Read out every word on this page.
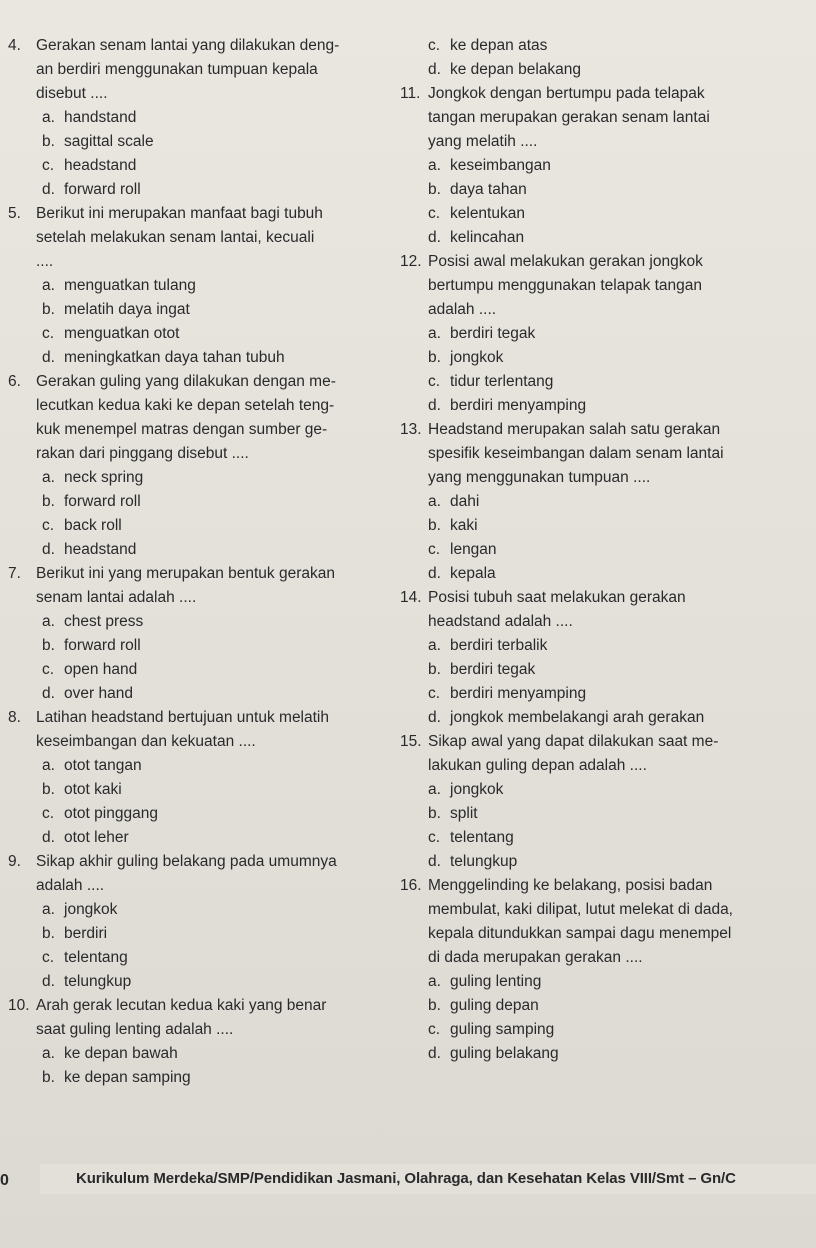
4. Gerakan senam lantai yang dilakukan deng-
an berdiri menggunakan tumpuan kepala
disebut ....
a. handstand
b. sagittal scale
c. headstand
d. forward roll
5. Berikut ini merupakan manfaat bagi tubuh
setelah melakukan senam lantai, kecuali
....
a. menguatkan tulang
b. melatih daya ingat
c. menguatkan otot
d. meningkatkan daya tahan tubuh
6. Gerakan guling yang dilakukan dengan me-
lecutkan kedua kaki ke depan setelah teng-
kuk menempel matras dengan sumber ge-
rakan dari pinggang disebut ....
a. neck spring
b. forward roll
c. back roll
d. headstand
7. Berikut ini yang merupakan bentuk gerakan
senam lantai adalah ....
a. chest press
b. forward roll
c. open hand
d. over hand
8. Latihan headstand bertujuan untuk melatih
keseimbangan dan kekuatan ....
a. otot tangan
b. otot kaki
c. otot pinggang
d. otot leher
9. Sikap akhir guling belakang pada umumnya
adalah ....
a. jongkok
b. berdiri
c. telentang
d. telungkup
10. Arah gerak lecutan kedua kaki yang benar
saat guling lenting adalah ....
a. ke depan bawah
b. ke depan samping
c. ke depan atas
d. ke depan belakang
11. Jongkok dengan bertumpu pada telapak
tangan merupakan gerakan senam lantai
yang melatih ....
a. keseimbangan
b. daya tahan
c. kelentukan
d. kelincahan
12. Posisi awal melakukan gerakan jongkok
bertumpu menggunakan telapak tangan
adalah ....
a. berdiri tegak
b. jongkok
c. tidur terlentang
d. berdiri menyamping
13. Headstand merupakan salah satu gerakan
spesifik keseimbangan dalam senam lantai
yang menggunakan tumpuan ....
a. dahi
b. kaki
c. lengan
d. kepala
14. Posisi tubuh saat melakukan gerakan
headstand adalah ....
a. berdiri terbalik
b. berdiri tegak
c. berdiri menyamping
d. jongkok membelakangi arah gerakan
15. Sikap awal yang dapat dilakukan saat me-
lakukan guling depan adalah ....
a. jongkok
b. split
c. telentang
d. telungkup
16. Menggelinding ke belakang, posisi badan
membulat, kaki dilipat, lutut melekat di dada,
kepala ditundukkan sampai dagu menempel
di dada merupakan gerakan ....
a. guling lenting
b. guling depan
c. guling samping
d. guling belakang
0	Kurikulum Merdeka/SMP/Pendidikan Jasmani, Olahraga, dan Kesehatan Kelas VIII/Smt – Gn/C
